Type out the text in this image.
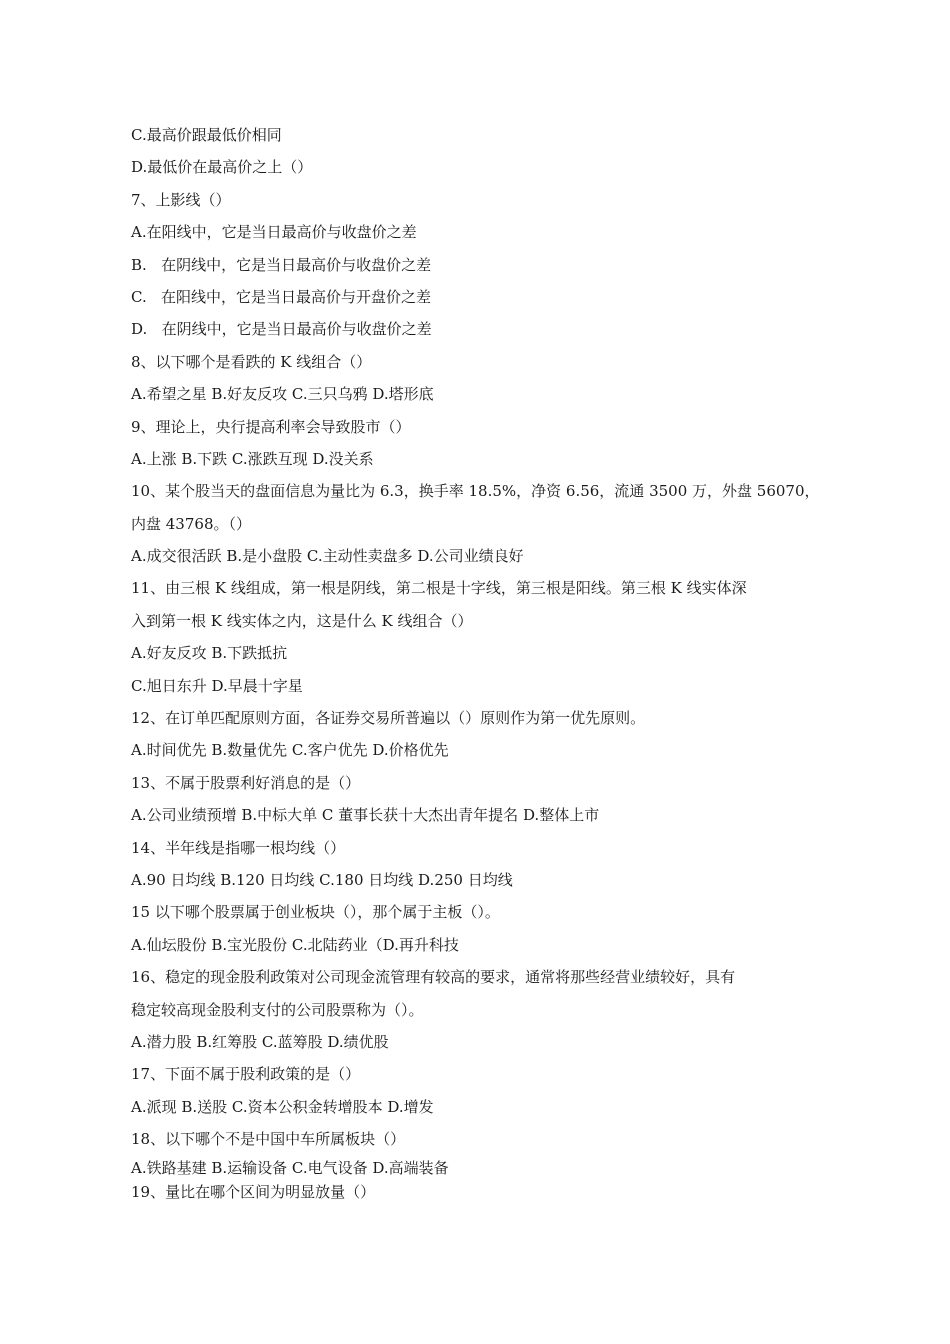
C.最高价跟最低价相同
D.最低价在最高价之上（）
7、上影线（）
A.在阳线中，它是当日最高价与收盘价之差
B.   在阴线中，它是当日最高价与收盘价之差
C.   在阳线中，它是当日最高价与开盘价之差
D.   在阴线中，它是当日最高价与收盘价之差
8、以下哪个是看跌的 K 线组合（）
A.希望之星 B.好友反攻 C.三只乌鸦 D.塔形底
9、理论上，央行提高利率会导致股市（）
A.上涨 B.下跌 C.涨跌互现 D.没关系
10、某个股当天的盘面信息为量比为 6.3，换手率 18.5%，净资 6.56，流通 3500 万，外盘 56070，
内盘 43768。（）
A.成交很活跃 B.是小盘股 C.主动性卖盘多 D.公司业绩良好
11、由三根 K 线组成，第一根是阴线，第二根是十字线，第三根是阳线。第三根 K 线实体深
入到第一根 K 线实体之内，这是什么 K 线组合（）
A.好友反攻 B.下跌抵抗
C.旭日东升 D.早晨十字星
12、在订单匹配原则方面，各证券交易所普遍以（）原则作为第一优先原则。
A.时间优先 B.数量优先 C.客户优先 D.价格优先
13、不属于股票利好消息的是（）
A.公司业绩预增 B.中标大单 C 董事长获十大杰出青年提名 D.整体上市
14、半年线是指哪一根均线（）
A.90 日均线 B.120 日均线 C.180 日均线 D.250 日均线
15 以下哪个股票属于创业板块（），那个属于主板（）。
A.仙坛股份 B.宝光股份 C.北陆药业（D.再升科技
16、稳定的现金股利政策对公司现金流管理有较高的要求，通常将那些经营业绩较好，具有
稳定较高现金股利支付的公司股票称为（）。
A.潜力股 B.红筹股 C.蓝筹股 D.绩优股
17、下面不属于股利政策的是（）
A.派现 B.送股 C.资本公积金转增股本 D.增发
18、以下哪个不是中国中车所属板块（）
A.铁路基建 B.运输设备 C.电气设备 D.高端装备
19、量比在哪个区间为明显放量（）
